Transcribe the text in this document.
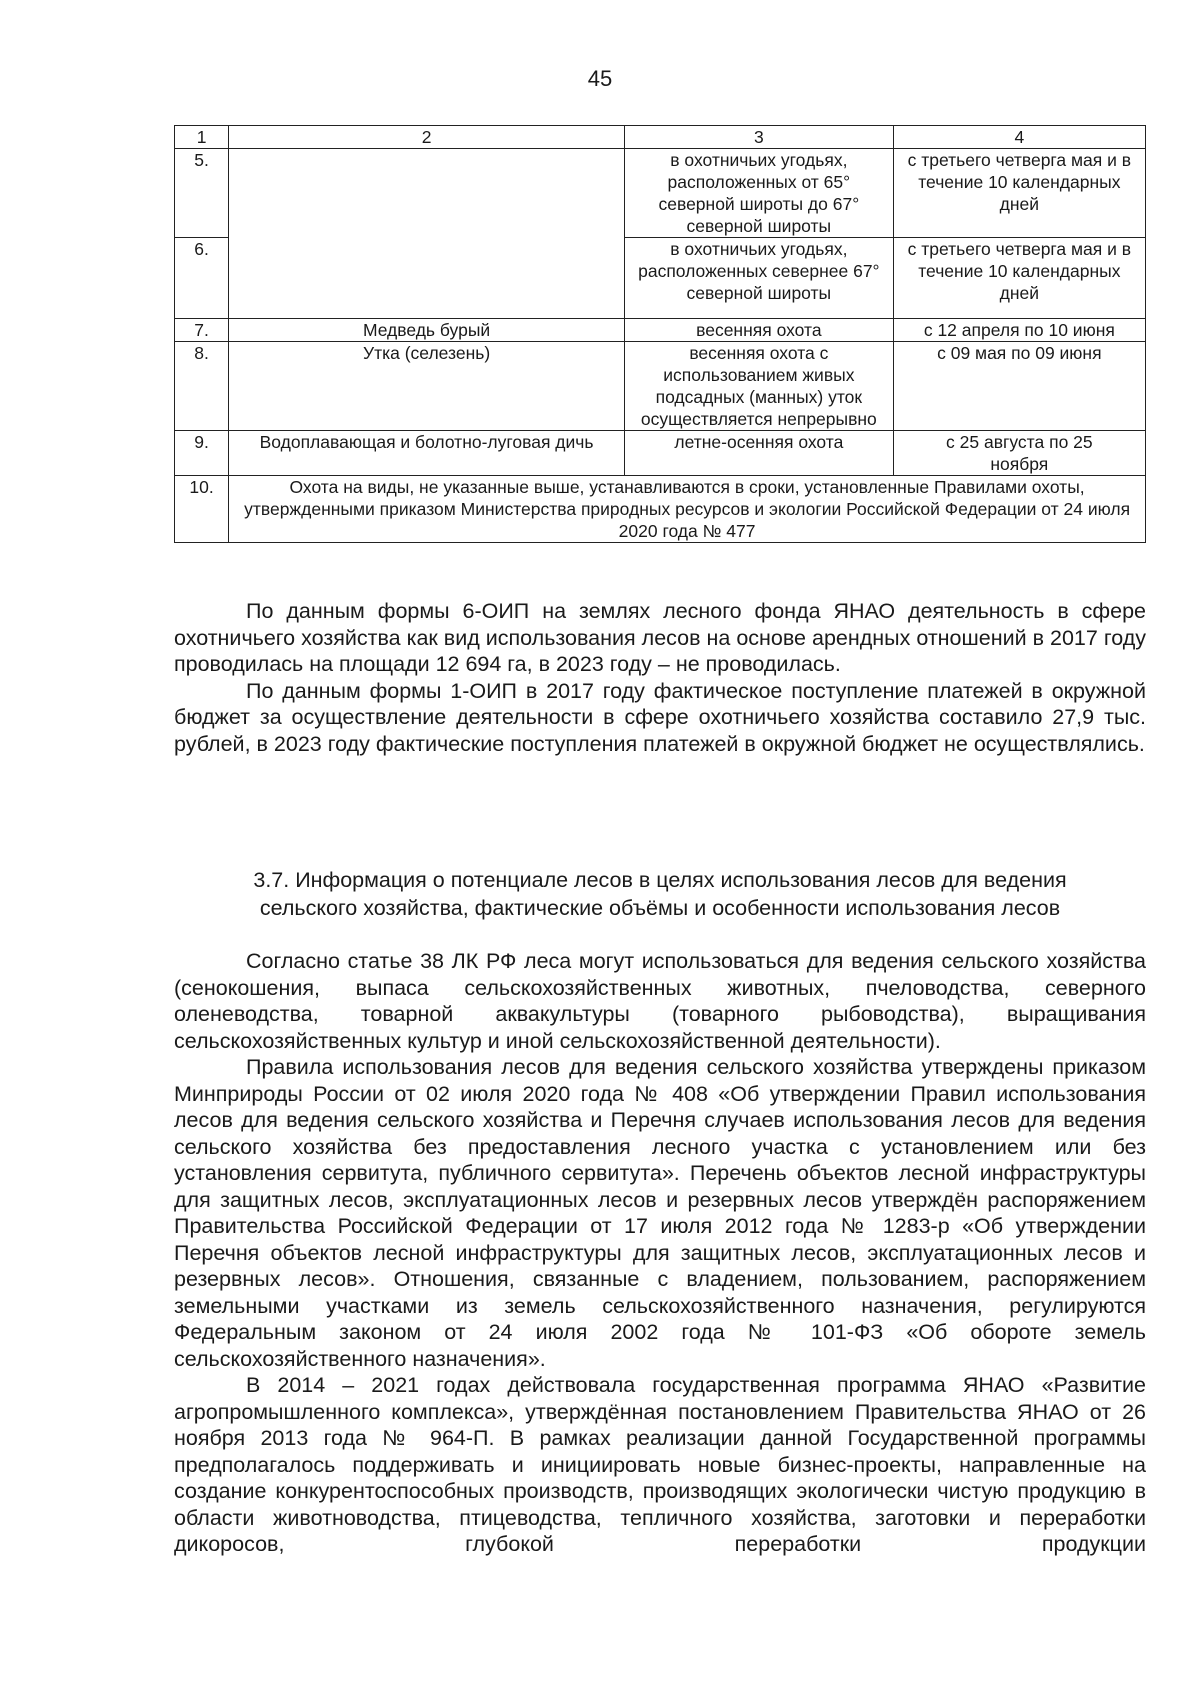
45
1	2	3	4
5.		в охотничьих угодьях, расположенных от 65° северной широты до 67° северной широты	с третьего четверга мая и в течение 10 календарных дней
6.		в охотничьих угодьях, расположенных севернее 67° северной широты	с третьего четверга мая и в течение 10 календарных дней
7.	Медведь бурый	весенняя охота	с 12 апреля по 10 июня
8.	Утка (селезень)	весенняя охота с использованием живых подсадных (манных) уток осуществляется непрерывно	с 09 мая по 09 июня
9.	Водоплавающая и болотно-луговая дичь	летне-осенняя охота	с 25 августа по 25 ноября
10.	Охота на виды, не указанные выше, устанавливаются в сроки, установленные Правилами охоты, утвержденными приказом Министерства природных ресурсов и экологии Российской Федерации от 24 июля 2020 года № 477		

По данным формы 6-ОИП на землях лесного фонда ЯНАО деятельность в сфере охотничьего хозяйства как вид использования лесов на основе арендных отношений в 2017 году проводилась на площади 12 694 га, в 2023 году – не проводилась.

По данным формы 1-ОИП в 2017 году фактическое поступление платежей в окружной бюджет за осуществление деятельности в сфере охотничьего хозяйства составило 27,9 тыс. рублей, в 2023 году фактические поступления платежей в окружной бюджет не осуществлялись.

3.7. Информация о потенциале лесов в целях использования лесов для ведения
сельского хозяйства, фактические объёмы и особенности использования лесов

Согласно статье 38 ЛК РФ леса могут использоваться для ведения сельского хозяйства (сенокошения, выпаса сельскохозяйственных животных, пчеловодства, северного оленеводства, товарной аквакультуры (товарного рыбоводства), выращивания сельскохозяйственных культур и иной сельскохозяйственной деятельности).

Правила использования лесов для ведения сельского хозяйства утверждены приказом Минприроды России от 02 июля 2020 года № 408 «Об утверждении Правил использования лесов для ведения сельского хозяйства и Перечня случаев использования лесов для ведения сельского хозяйства без предоставления лесного участка с установлением или без установления сервитута, публичного сервитута». Перечень объектов лесной инфраструктуры для защитных лесов, эксплуатационных лесов и резервных лесов утверждён распоряжением Правительства Российской Федерации от 17 июля 2012 года № 1283-р «Об утверждении Перечня объектов лесной инфраструктуры для защитных лесов, эксплуатационных лесов и резервных лесов». Отношения, связанные с владением, пользованием, распоряжением земельными участками из земель сельскохозяйственного назначения, регулируются Федеральным законом от 24 июля 2002 года № 101-ФЗ «Об обороте земель сельскохозяйственного назначения».

В 2014 – 2021 годах действовала государственная программа ЯНАО «Развитие агропромышленного комплекса», утверждённая постановлением Правительства ЯНАО от 26 ноября 2013 года № 964-П. В рамках реализации данной Государственной программы предполагалось поддерживать и инициировать новые бизнес-проекты, направленные на создание конкурентоспособных производств, производящих экологически чистую продукцию в области животноводства, птицеводства, тепличного хозяйства, заготовки и переработки дикоросов, глубокой переработки продукции
